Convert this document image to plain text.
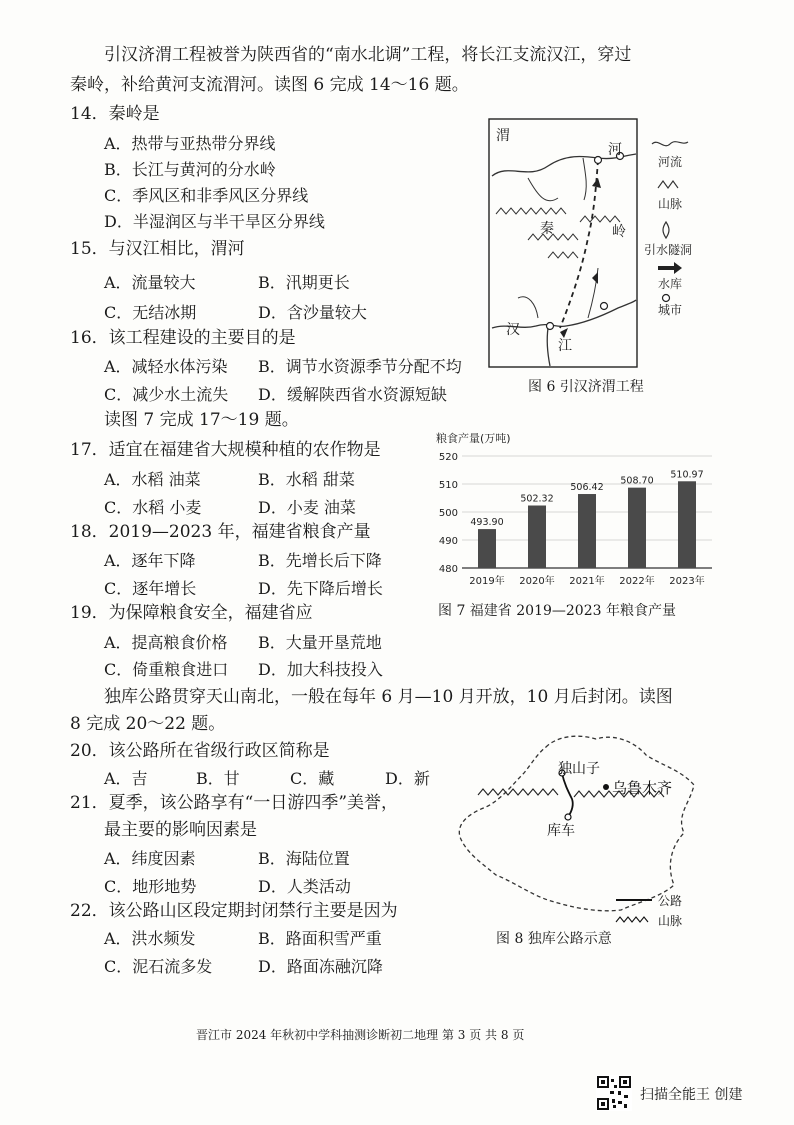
引汉济渭工程被誉为陕西省的“南水北调”工程，将长江支流汉江，穿过
秦岭，补给黄河支流渭河。读图 6 完成 14～16 题。
14．秦岭是
A．热带与亚热带分界线
B．长江与黄河的分水岭
C．季风区和非季风区分界线
D．半湿润区与半干旱区分界线
15．与汉江相比，渭河
A．流量较大	B．汛期更长
C．无结冰期	D．含沙量较大
16．该工程建设的主要目的是
A．减轻水体污染 B．调节水资源季节分配不均
C．减少水土流失 D．缓解陕西省水资源短缺
渭
河
秦	岭
汉
江
河流
山脉
引水隧洞
水库
城市
图 6 引汉济渭工程
读图 7 完成 17～19 题。
17．适宜在福建省大规模种植的农作物是
A．水稻 油菜	B．水稻 甜菜
C．水稻 小麦	D．小麦 油菜
18．2019—2023 年，福建省粮食产量
A．逐年下降	B．先增长后下降
C．逐年增长	D．先下降后增长
19．为保障粮食安全，福建省应
A．提高粮食价格 B．大量开垦荒地
C．倚重粮食进口 D．加大科技投入
粮食产量(万吨)
480
490
500
510
520
493.90
2019年
502.32
2020年
506.42
2021年
508.70
2022年
510.97
2023年
图 7 福建省 2019—2023 年粮食产量
独库公路贯穿天山南北，一般在每年 6 月—10 月开放，10 月后封闭。读图
8 完成 20～22 题。
20．该公路所在省级行政区简称是
A．吉	B．甘	C．藏	D．新
21．夏季，该公路享有“一日游四季”美誉，
最主要的影响因素是
A．纬度因素	B．海陆位置
C．地形地势	D．人类活动
22．该公路山区段定期封闭禁行主要是因为
A．洪水频发	B．路面积雪严重
C．泥石流多发	D．路面冻融沉降
独山子
乌鲁木齐
库车
公路
山脉
图 8 独库公路示意
晋江市 2024 年秋初中学科抽测诊断初二地理 第 3 页 共 8 页
扫描全能王 创建
